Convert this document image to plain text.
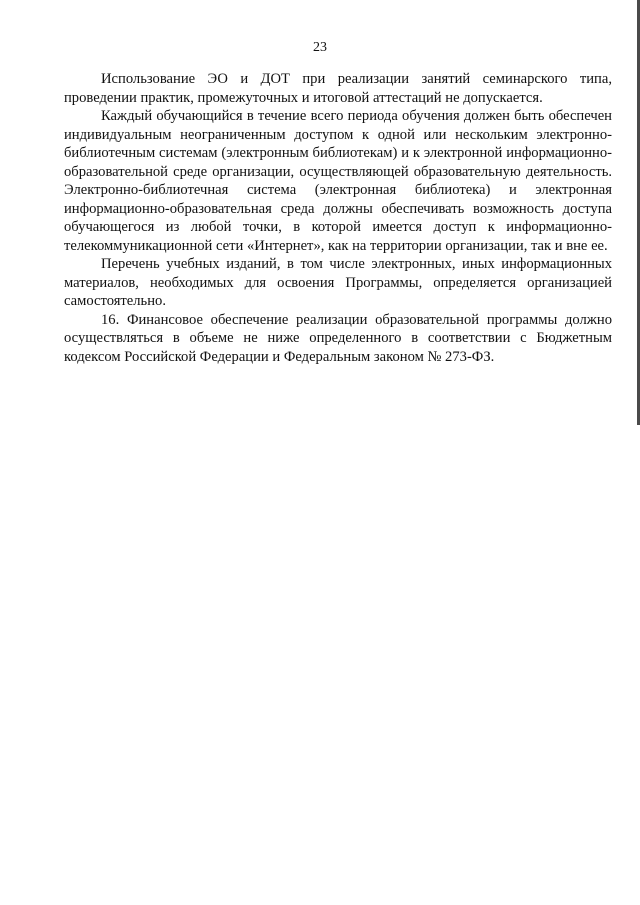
23

Использование ЭО и ДОТ при реализации занятий семинарского типа, проведении практик, промежуточных и итоговой аттестаций не допускается.

Каждый обучающийся в течение всего периода обучения должен быть обеспечен индивидуальным неограниченным доступом к одной или нескольким электронно-библиотечным системам (электронным библиотекам) и к электронной информационно-образовательной среде организации, осуществляющей образовательную деятельность. Электронно-библиотечная система (электронная библиотека) и электронная информационно-образовательная среда должны обеспечивать возможность доступа обучающегося из любой точки, в которой имеется доступ к информационно-телекоммуникационной сети «Интернет», как на территории организации, так и вне ее.

Перечень учебных изданий, в том числе электронных, иных информационных материалов, необходимых для освоения Программы, определяется организацией самостоятельно.

16. Финансовое обеспечение реализации образовательной программы должно осуществляться в объеме не ниже определенного в соответствии с Бюджетным кодексом Российской Федерации и Федеральным законом № 273-ФЗ.
